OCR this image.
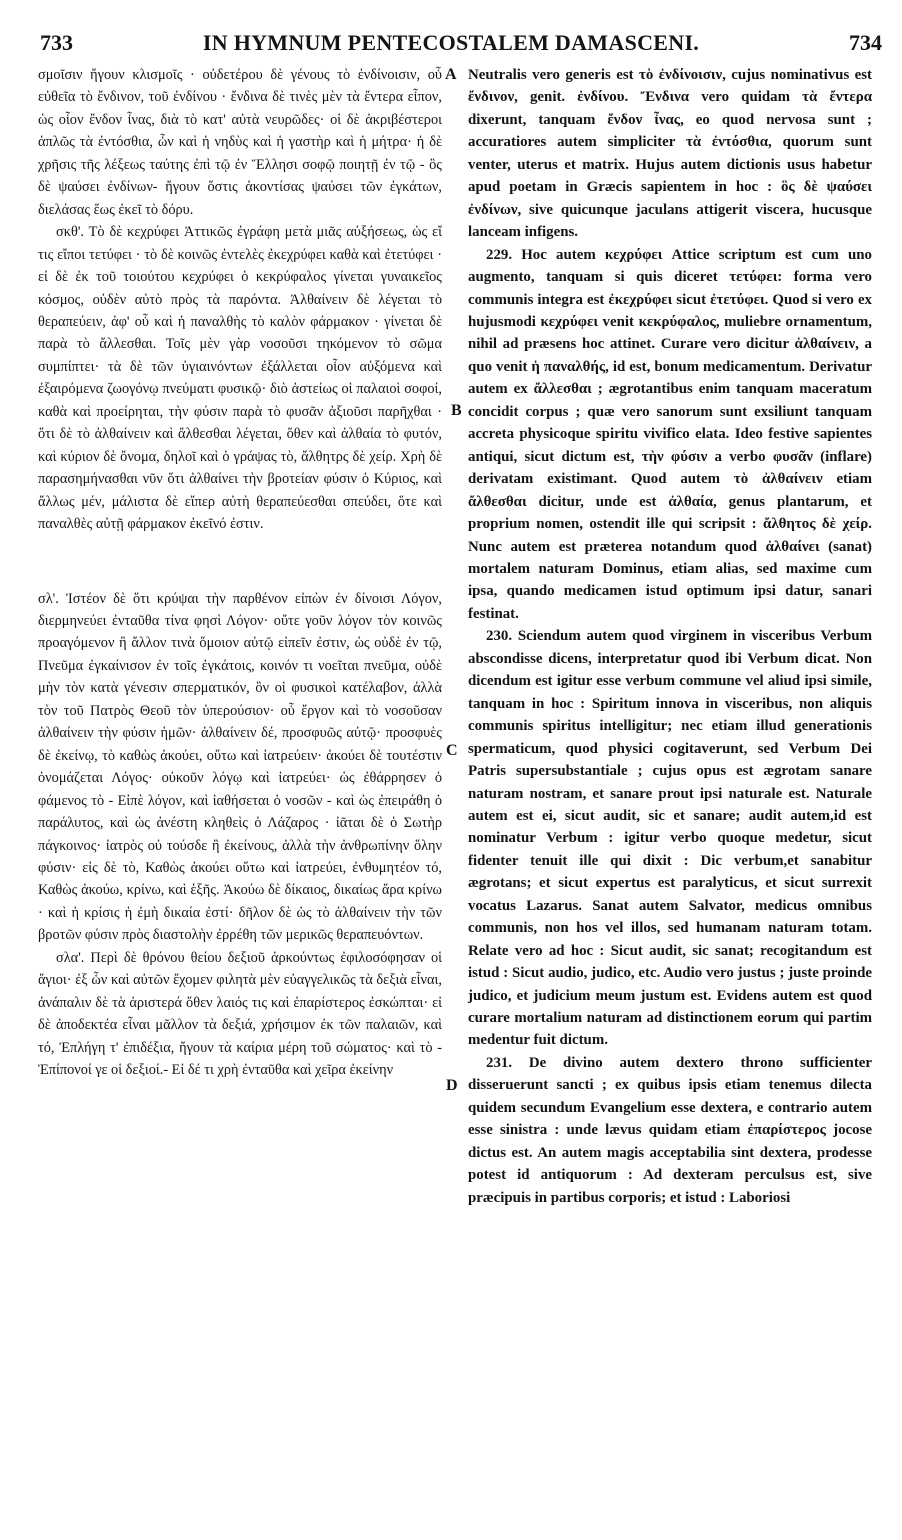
733	IN HYMNUM PENTECOSTALEM DAMASCENI.	734

σμοῖσιν ἤγουν κλισμοῖς · οὐδετέρου δὲ γένους τὸ ἐνδίνοισιν, οὗ εὐθεῖα τὸ ἔνδινον, τοῦ ἐνδίνου · ἔνδινα δὲ τινὲς μὲν τὰ ἔντερα εἶπον, ὡς οἷον ἔνδον ἶνας, διὰ τὸ κατ' αὐτὰ νευρῶδες· οἱ δὲ ἀκριβέστεροι ἁπλῶς τὰ ἐντόσθια, ὧν καὶ ἡ νηδὺς καὶ ἡ γαστὴρ καὶ ἡ μήτρα· ἡ δὲ χρῆσις τῆς λέξεως ταύτης ἐπὶ τῷ ἐν Ἕλλησι σοφῷ ποιητῇ ἐν τῷ - ὃς δὲ ψαύσει ἐνδίνων- ἤγουν ὅστις ἀκοντίσας ψαύσει τῶν ἐγκάτων, διελάσας ἕως ἐκεῖ τὸ δόρυ.

σκθ'. Τὸ δὲ κεχρύφει Ἀττικῶς ἐγράφη μετὰ μιᾶς αὐξήσεως, ὡς εἴ τις εἴποι τετύφει · τὸ δὲ κοινῶς ἐντελὲς ἐκεχρύφει καθὰ καὶ ἐτετύφει · εἰ δὲ ἐκ τοῦ τοιούτου κεχρύφει ὁ κεκρύφαλος γίνεται γυναικεῖος κόσμος, οὐδὲν αὐτὸ πρὸς τὰ παρόντα. Ἀλθαίνειν δὲ λέγεται τὸ θεραπεύειν, ἀφ' οὗ καὶ ἡ παναλθὴς τὸ καλὸν φάρμακον · γίνεται δὲ παρὰ τὸ ἄλλεσθαι. Τοῖς μὲν γὰρ νοσοῦσι τηκόμενον τὸ σῶμα συμπίπτει· τὰ δὲ τῶν ὑγιαινόντων ἐξάλλεται οἷον αὐξόμενα καὶ ἐξαιρόμενα ζωογόνῳ πνεύματι φυσικῷ· διὸ ἀστείως οἱ παλαιοὶ σοφοί, καθὰ καὶ προείρηται, τὴν φύσιν παρὰ τὸ φυσᾶν ἀξιοῦσι παρῆχθαι · ὅτι δὲ τὸ ἀλθαίνειν καὶ ἄλθεσθαι λέγεται, ὅθεν καὶ ἀλθαία τὸ φυτόν, καὶ κύριον δὲ ὄνομα, δηλοῖ καὶ ὁ γράψας τὸ, ἄλθητρς δὲ χείρ. Χρὴ δὲ παρασημήνασθαι νῦν ὅτι ἀλθαίνει τὴν βροτείαν φύσιν ὁ Κύριος, καὶ ἄλλως μέν, μάλιστα δὲ εἴπερ αὐτὴ θεραπεύεσθαι σπεύδει, ὅτε καὶ παναλθὲς αὐτῇ φάρμακον ἐκεῖνό ἐστιν.

σλ'. Ἰστέον δὲ ὅτι κρύψαι τὴν παρθένον εἰπὼν ἐν δίνοισι Λόγον, διερμηνεύει ἐνταῦθα τίνα φησὶ Λόγον· οὔτε γοῦν λόγον τὸν κοινῶς προαγόμενον ἢ ἄλλον τινὰ ὅμοιον αὐτῷ εἰπεῖν ἐστιν, ὡς οὐδὲ ἐν τῷ, Πνεῦμα ἐγκαίνισον ἐν τοῖς ἐγκάτοις, κοινόν τι νοεῖται πνεῦμα, οὐδὲ μὴν τὸν κατὰ γένεσιν σπερματικόν, ὃν οἱ φυσικοὶ κατέλαβον, ἀλλὰ τὸν τοῦ Πατρὸς Θεοῦ τὸν ὑπερούσιον· οὗ ἔργον καὶ τὸ νοσοῦσαν ἀλθαίνειν τὴν φύσιν ἡμῶν· ἀλθαίνειν δέ, προσφυῶς αὐτῷ· προσφυὲς δὲ ἐκείνῳ, τὸ καθὼς ἀκούει, οὕτω καὶ ἰατρεύειν· ἀκούει δὲ τουτέστιν ὀνομάζεται Λόγος· οὐκοῦν λόγῳ καὶ ἰατρεύει· ὡς ἐθάρρησεν ὁ φάμενος τὸ - Εἰπὲ λόγον, καὶ ἰαθήσεται ὁ νοσῶν - καὶ ὡς ἐπειράθη ὁ παράλυτος, καὶ ὡς ἀνέστη κληθεὶς ὁ Λάζαρος · ἰᾶται δὲ ὁ Σωτὴρ πάγκοινος· ἰατρὸς οὐ τούσδε ἢ ἐκείνους, ἀλλὰ τὴν ἀνθρωπίνην ὅλην φύσιν· εἰς δὲ τὸ, Καθὼς ἀκούει οὕτω καὶ ἰατρεύει, ἐνθυμητέον τό, Καθὼς ἀκούω, κρίνω, καὶ ἑξῆς. Ἀκούω δὲ δίκαιος, δικαίως ἄρα κρίνω · καὶ ἡ κρίσις ἡ ἐμὴ δικαία ἐστί· δῆλον δὲ ὡς τὸ ἀλθαίνειν τὴν τῶν βροτῶν φύσιν πρὸς διαστολὴν ἐρρέθη τῶν μερικῶς θεραπευόντων.

σλα'. Περὶ δὲ θρόνου θείου δεξιοῦ ἀρκούντως ἐφιλοσόφησαν οἱ ἅγιοι· ἐξ ὧν καὶ αὐτῶν ἔχομεν φιλητὰ μὲν εὐαγγελικῶς τὰ δεξιὰ εἶναι, ἀνάπαλιν δὲ τὰ ἀριστερά ὅθεν λαιός τις καὶ ἐπαρίστερος ἐσκώπται· εἰ δὲ ἀποδεκτέα εἶναι μᾶλλον τὰ δεξιά, χρήσιμον ἐκ τῶν παλαιῶν, καὶ τό, Ἐπλήγη τ' ἐπιδέξια, ἤγουν τὰ καίρια μέρη τοῦ σώματος· καὶ τὸ - Ἐπίπονοί γε οἱ δεξιοί.- Εἰ δέ τι χρὴ ἐνταῦθα καὶ χεῖρα ἐκείνην

Neutralis vero generis est τὸ ἐνδίνοισιν, cujus nominativus est ἔνδινον, genit. ἐνδίνου. Ἔνδινα vero quidam τὰ ἔντερα dixerunt, tanquam ἔνδον ἶνας, eo quod nervosa sunt ; accuratiores autem simpliciter τὰ ἐντόσθια, quorum sunt venter, uterus et matrix. Hujus autem dictionis usus habetur apud poetam in Græcis sapientem in hoc : ὃς δὲ ψαύσει ἐνδίνων, sive quicunque jaculans attigerit viscera, hucusque lanceam infigens.

229. Hoc autem κεχρύφει Attice scriptum est cum uno augmento, tanquam si quis diceret τετύφει: forma vero communis integra est ἐκεχρύφει sicut ἐτετύφει. Quod si vero ex hujusmodi κεχρύφει venit κεκρύφαλος, muliebre ornamentum, nihil ad præsens hoc attinet. Curare vero dicitur ἀλθαίνειν, a quo venit ἡ παναλθής, id est, bonum medicamentum. Derivatur autem ex ἄλλεσθαι ; ægrotantibus enim tanquam maceratum concidit corpus ; quæ vero sanorum sunt exsiliunt tanquam accreta physicoque spiritu vivifico elata. Ideo festive sapientes antiqui, sicut dictum est, τὴν φύσιν a verbo φυσᾶν (inflare) derivatam existimant. Quod autem τὸ ἀλθαίνειν etiam ἄλθεσθαι dicitur, unde est ἀλθαία, genus plantarum, et proprium nomen, ostendit ille qui scripsit : ἄλθητος δὲ χείρ. Nunc autem est præterea notandum quod ἀλθαίνει (sanat) mortalem naturam Dominus, etiam alias, sed maxime cum ipsa, quando medicamen istud optimum ipsi datur, sanari festinat.

230. Sciendum autem quod virginem in visceribus Verbum abscondisse dicens, interpretatur quod ibi Verbum dicat. Non dicendum est igitur esse verbum commune vel aliud ipsi simile, tanquam in hoc : Spiritum innova in visceribus, non aliquis communis spiritus intelligitur; nec etiam illud generationis spermaticum, quod physici cogitaverunt, sed Verbum Dei Patris supersubstantiale ; cujus opus est ægrotam sanare naturam nostram, et sanare prout ipsi naturale est. Naturale autem est ei, sicut audit, sic et sanare; audit autem,id est nominatur Verbum : igitur verbo quoque medetur, sicut fidenter tenuit ille qui dixit : Dic verbum,et sanabitur ægrotans; et sicut expertus est paralyticus, et sicut surrexit vocatus Lazarus. Sanat autem Salvator, medicus omnibus communis, non hos vel illos, sed humanam naturam totam. Relate vero ad hoc : Sicut audit, sic sanat; recogitandum est istud : Sicut audio, judico, etc. Audio vero justus ; juste proinde judico, et judicium meum justum est. Evidens autem est quod curare mortalium naturam ad distinctionem eorum qui partim medentur fuit dictum.

231. De divino autem dextero throno sufficienter disseruerunt sancti ; ex quibus ipsis etiam tenemus dilecta quidem secundum Evangelium esse dextera, e contrario autem esse sinistra : unde lævus quidam etiam ἐπαρίστερος jocose dictus est. An autem magis acceptabilia sint dextera, prodesse potest id antiquorum : Ad dexteram perculsus est, sive præcipuis in partibus corporis; et istud : Laboriosi

A
B
C
D
